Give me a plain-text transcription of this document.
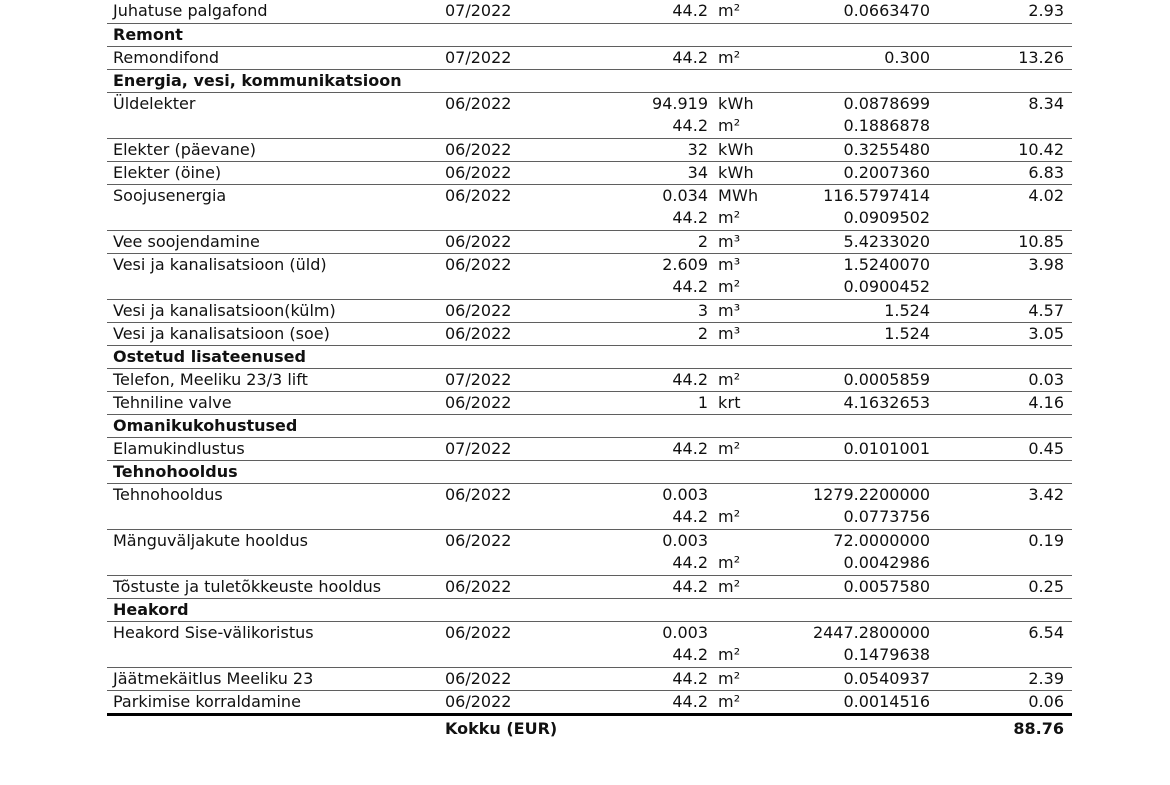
Juhatuse palgafond	07/2022	44.2 m²	0.0663470	2.93
Remont
Remondifond	07/2022	44.2 m²	0.300	13.26
Energia, vesi, kommunikatsioon
Üldelekter	06/2022	94.919 kWh	0.0878699	8.34
44.2 m²	0.1886878
Elekter (päevane)	06/2022	32 kWh	0.3255480	10.42
Elekter (öine)	06/2022	34 kWh	0.2007360	6.83
Soojusenergia	06/2022	0.034 MWh	116.5797414	4.02
44.2 m²	0.0909502
Vee soojendamine	06/2022	2 m³	5.4233020	10.85
Vesi ja kanalisatsioon (üld)	06/2022	2.609 m³	1.5240070	3.98
44.2 m²	0.0900452
Vesi ja kanalisatsioon(külm)	06/2022	3 m³	1.524	4.57
Vesi ja kanalisatsioon (soe)	06/2022	2 m³	1.524	3.05
Ostetud lisateenused
Telefon, Meeliku 23/3 lift	07/2022	44.2 m²	0.0005859	0.03
Tehniline valve	06/2022	1 krt	4.1632653	4.16
Omanikukohustused
Elamukindlustus	07/2022	44.2 m²	0.0101001	0.45
Tehnohooldus
Tehnohooldus	06/2022	0.003	1279.2200000	3.42
44.2 m²	0.0773756
Mänguväljakute hooldus	06/2022	0.003	72.0000000	0.19
44.2 m²	0.0042986
Tõstuste ja tuletõkkeuste hooldus	06/2022	44.2 m²	0.0057580	0.25
Heakord
Heakord Sise-välikoristus	06/2022	0.003	2447.2800000	6.54
44.2 m²	0.1479638
Jäätmekäitlus Meeliku 23	06/2022	44.2 m²	0.0540937	2.39
Parkimise korraldamine	06/2022	44.2 m²	0.0014516	0.06
Kokku (EUR)	88.76
